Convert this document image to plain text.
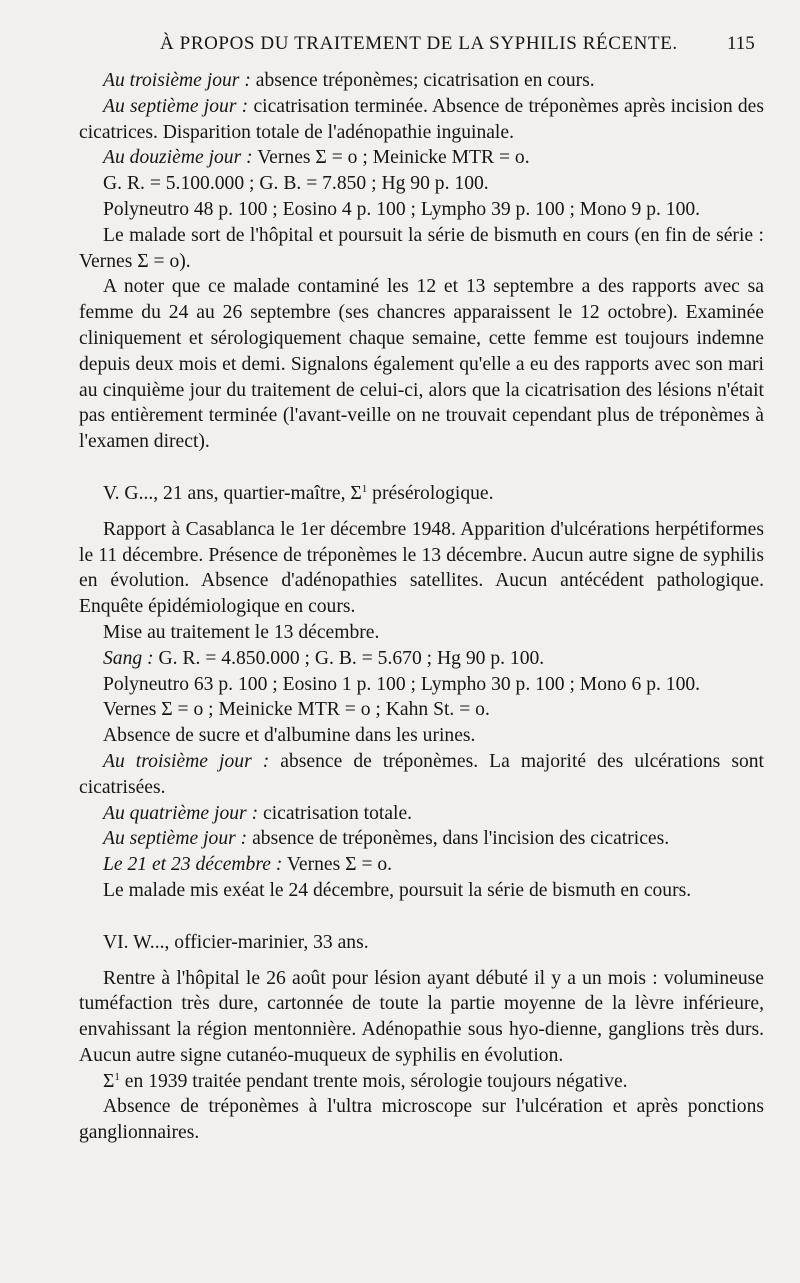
À PROPOS DU TRAITEMENT DE LA SYPHILIS RÉCENTE.	115

Au troisième jour : absence tréponèmes; cicatrisation en cours.

Au septième jour : cicatrisation terminée. Absence de tréponèmes après incision des cicatrices. Disparition totale de l'adénopathie inguinale.

Au douzième jour : Vernes Σ = o ; Meinicke MTR = o.

G. R. = 5.100.000 ; G. B. = 7.850 ; Hg 90 p. 100.

Polyneutro 48 p. 100 ; Eosino 4 p. 100 ; Lympho 39 p. 100 ; Mono 9 p. 100.

Le malade sort de l'hôpital et poursuit la série de bismuth en cours (en fin de série : Vernes Σ = o).

A noter que ce malade contaminé les 12 et 13 septembre a des rapports avec sa femme du 24 au 26 septembre (ses chancres apparaissent le 12 octobre). Examinée cliniquement et sérologiquement chaque semaine, cette femme est toujours indemne depuis deux mois et demi. Signalons également qu'elle a eu des rapports avec son mari au cinquième jour du traitement de celui-ci, alors que la cicatrisation des lésions n'était pas entièrement terminée (l'avant-veille on ne trouvait cependant plus de tréponèmes à l'examen direct).

V. G..., 21 ans, quartier-maître, $\Sigma^1$ présérologique.

Rapport à Casablanca le 1er décembre 1948. Apparition d'ulcérations herpétiformes le 11 décembre. Présence de tréponèmes le 13 décembre. Aucun autre signe de syphilis en évolution. Absence d'adénopathies satellites. Aucun antécédent pathologique. Enquête épidémiologique en cours.

Mise au traitement le 13 décembre.

Sang : G. R. = 4.850.000 ; G. B. = 5.670 ; Hg 90 p. 100.

Polyneutro 63 p. 100 ; Eosino 1 p. 100 ; Lympho 30 p. 100 ; Mono 6 p. 100.

Vernes Σ = o ; Meinicke MTR = o ; Kahn St. = o.

Absence de sucre et d'albumine dans les urines.

Au troisième jour : absence de tréponèmes. La majorité des ulcérations sont cicatrisées.

Au quatrième jour : cicatrisation totale.

Au septième jour : absence de tréponèmes, dans l'incision des cicatrices.

Le 21 et 23 décembre : Vernes Σ = o.

Le malade mis exéat le 24 décembre, poursuit la série de bismuth en cours.

VI. W..., officier-marinier, 33 ans.

Rentre à l'hôpital le 26 août pour lésion ayant débuté il y a un mois : volumineuse tuméfaction très dure, cartonnée de toute la partie moyenne de la lèvre inférieure, envahissant la région mentonnière. Adénopathie sous hyo-dienne, ganglions très durs. Aucun autre signe cutanéo-muqueux de syphilis en évolution.

$\Sigma^1$ en 1939 traitée pendant trente mois, sérologie toujours négative.

Absence de tréponèmes à l'ultra microscope sur l'ulcération et après ponctions ganglionnaires.
